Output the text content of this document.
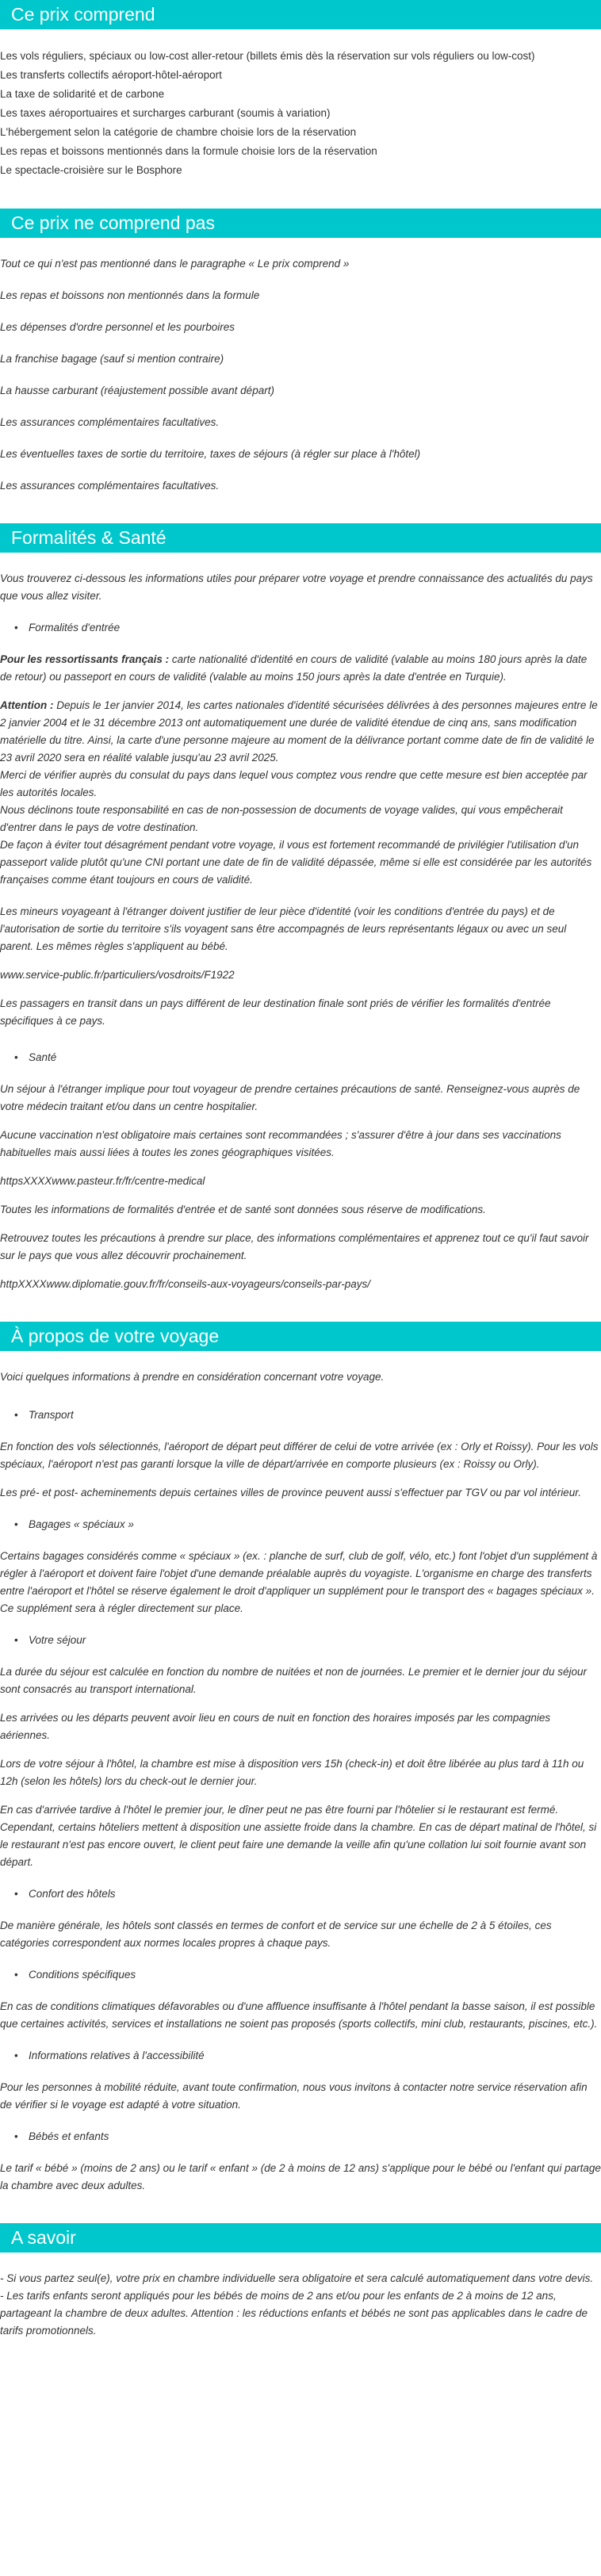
Ce prix comprend

Les vols réguliers, spéciaux ou low-cost aller-retour (billets émis dès la réservation sur vols réguliers ou low-cost)

Les transferts collectifs aéroport-hôtel-aéroport

La taxe de solidarité et de carbone

Les taxes aéroportuaires et surcharges carburant (soumis à variation)

L'hébergement selon la catégorie de chambre choisie lors de la réservation

Les repas et boissons mentionnés dans la formule choisie lors de la réservation

Le spectacle-croisière sur le Bosphore

Ce prix ne comprend pas

Tout ce qui n'est pas mentionné dans le paragraphe « Le prix comprend »

Les repas et boissons non mentionnés dans la formule

Les dépenses d'ordre personnel et les pourboires

La franchise bagage (sauf si mention contraire)

La hausse carburant (réajustement possible avant départ)

Les assurances complémentaires facultatives.

Les éventuelles taxes de sortie du territoire, taxes de séjours (à régler sur place à l'hôtel)

Les assurances complémentaires facultatives.

Formalités & Santé

Vous trouverez ci-dessous les informations utiles pour préparer votre voyage et prendre connaissance des actualités du pays que vous allez visiter.

• Formalités d'entrée

Pour les ressortissants français : carte nationalité d'identité en cours de validité (valable au moins 180 jours après la date de retour) ou passeport en cours de validité (valable au moins 150 jours après la date d'entrée en Turquie).

Attention : Depuis le 1er janvier 2014, les cartes nationales d'identité sécurisées délivrées à des personnes majeures entre le 2 janvier 2004 et le 31 décembre 2013 ont automatiquement une durée de validité étendue de cinq ans, sans modification matérielle du titre. Ainsi, la carte d'une personne majeure au moment de la délivrance portant comme date de fin de validité le 23 avril 2020 sera en réalité valable jusqu'au 23 avril 2025.

Merci de vérifier auprès du consulat du pays dans lequel vous comptez vous rendre que cette mesure est bien acceptée par les autorités locales.

Nous déclinons toute responsabilité en cas de non-possession de documents de voyage valides, qui vous empêcherait d'entrer dans le pays de votre destination.

De façon à éviter tout désagrément pendant votre voyage, il vous est fortement recommandé de privilégier l'utilisation d'un passeport valide plutôt qu'une CNI portant une date de fin de validité dépassée, même si elle est considérée par les autorités françaises comme étant toujours en cours de validité.

Les mineurs voyageant à l'étranger doivent justifier de leur pièce d'identité (voir les conditions d'entrée du pays) et de l'autorisation de sortie du territoire s'ils voyagent sans être accompagnés de leurs représentants légaux ou avec un seul parent. Les mêmes règles s'appliquent au bébé.

www.service-public.fr/particuliers/vosdroits/F1922

Les passagers en transit dans un pays différent de leur destination finale sont priés de vérifier les formalités d'entrée spécifiques à ce pays.

• Santé

Un séjour à l'étranger implique pour tout voyageur de prendre certaines précautions de santé. Renseignez-vous auprès de votre médecin traitant et/ou dans un centre hospitalier.

Aucune vaccination n'est obligatoire mais certaines sont recommandées ; s'assurer d'être à jour dans ses vaccinations habituelles mais aussi liées à toutes les zones géographiques visitées.

httpsXXXXwww.pasteur.fr/fr/centre-medical

Toutes les informations de formalités d'entrée et de santé sont données sous réserve de modifications.

Retrouvez toutes les précautions à prendre sur place, des informations complémentaires et apprenez tout ce qu'il faut savoir sur le pays que vous allez découvrir prochainement.

httpXXXXwww.diplomatie.gouv.fr/fr/conseils-aux-voyageurs/conseils-par-pays/

À propos de votre voyage

Voici quelques informations à prendre en considération concernant votre voyage.

• Transport

En fonction des vols sélectionnés, l'aéroport de départ peut différer de celui de votre arrivée (ex : Orly et Roissy). Pour les vols spéciaux, l'aéroport n'est pas garanti lorsque la ville de départ/arrivée en comporte plusieurs (ex : Roissy ou Orly).

Les pré- et post- acheminements depuis certaines villes de province peuvent aussi s'effectuer par TGV ou par vol intérieur.

• Bagages « spéciaux »

Certains bagages considérés comme « spéciaux » (ex. : planche de surf, club de golf, vélo, etc.) font l'objet d'un supplément à régler à l'aéroport et doivent faire l'objet d'une demande préalable auprès du voyagiste. L'organisme en charge des transferts entre l'aéroport et l'hôtel se réserve également le droit d'appliquer un supplément pour le transport des « bagages spéciaux ». Ce supplément sera à régler directement sur place.

• Votre séjour

La durée du séjour est calculée en fonction du nombre de nuitées et non de journées. Le premier et le dernier jour du séjour sont consacrés au transport international.

Les arrivées ou les départs peuvent avoir lieu en cours de nuit en fonction des horaires imposés par les compagnies aériennes.

Lors de votre séjour à l'hôtel, la chambre est mise à disposition vers 15h (check-in) et doit être libérée au plus tard à 11h ou 12h (selon les hôtels) lors du check-out le dernier jour.

En cas d'arrivée tardive à l'hôtel le premier jour, le dîner peut ne pas être fourni par l'hôtelier si le restaurant est fermé. Cependant, certains hôteliers mettent à disposition une assiette froide dans la chambre. En cas de départ matinal de l'hôtel, si le restaurant n'est pas encore ouvert, le client peut faire une demande la veille afin qu'une collation lui soit fournie avant son départ.

• Confort des hôtels

De manière générale, les hôtels sont classés en termes de confort et de service sur une échelle de 2 à 5 étoiles, ces catégories correspondent aux normes locales propres à chaque pays.

• Conditions spécifiques

En cas de conditions climatiques défavorables ou d'une affluence insuffisante à l'hôtel pendant la basse saison, il est possible que certaines activités, services et installations ne soient pas proposés (sports collectifs, mini club, restaurants, piscines, etc.).

• Informations relatives à l'accessibilité

Pour les personnes à mobilité réduite, avant toute confirmation, nous vous invitons à contacter notre service réservation afin de vérifier si le voyage est adapté à votre situation.

• Bébés et enfants

Le tarif « bébé » (moins de 2 ans) ou le tarif « enfant » (de 2 à moins de 12 ans) s'applique pour le bébé ou l'enfant qui partage la chambre avec deux adultes.

A savoir

- Si vous partez seul(e), votre prix en chambre individuelle sera obligatoire et sera calculé automatiquement dans votre devis.

- Les tarifs enfants seront appliqués pour les bébés de moins de 2 ans et/ou pour les enfants de 2 à moins de 12 ans, partageant la chambre de deux adultes. Attention : les réductions enfants et bébés ne sont pas applicables dans le cadre de tarifs promotionnels.
